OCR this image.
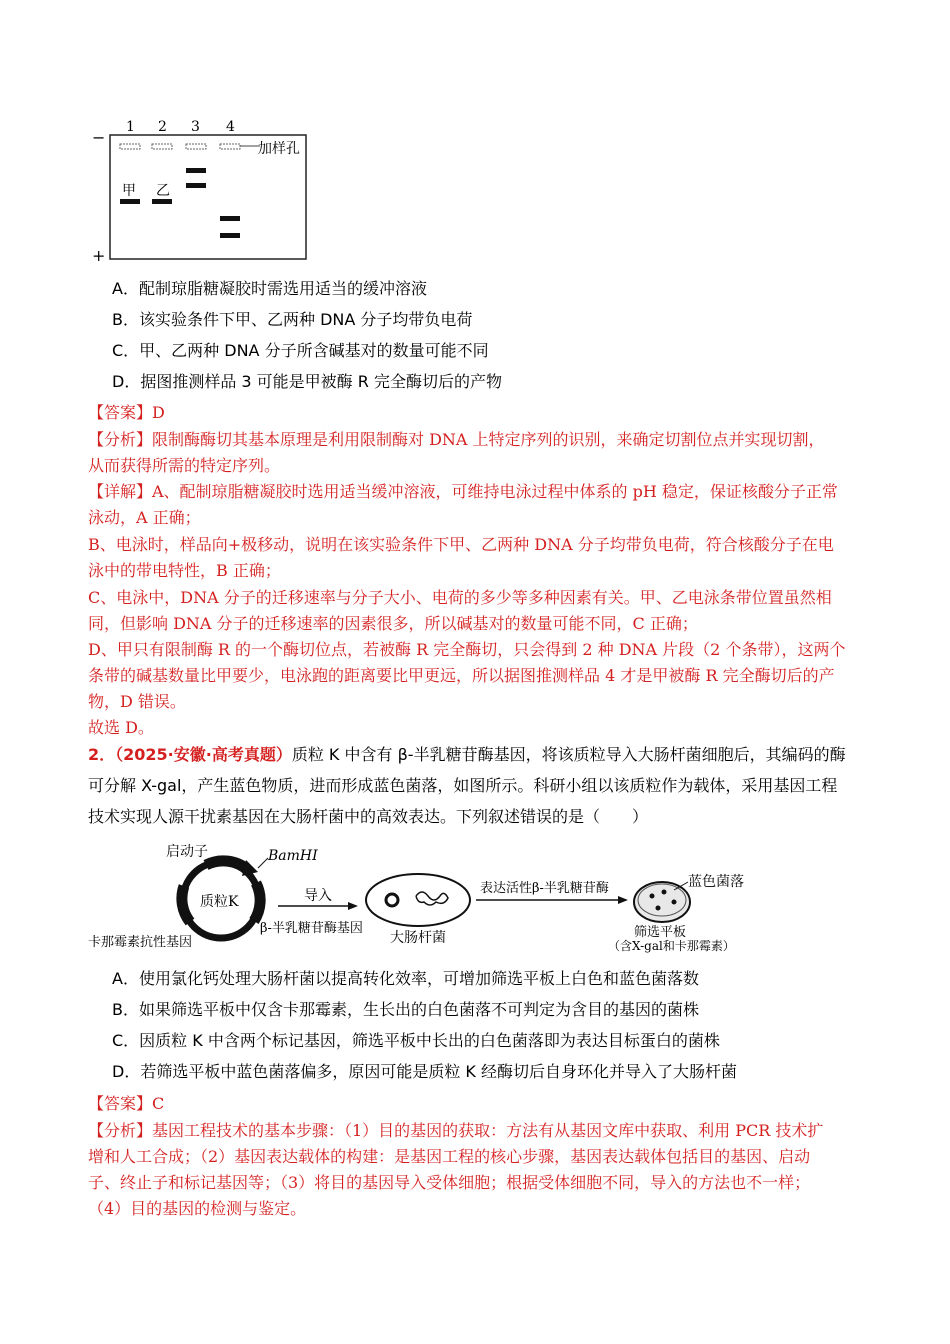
−
+
1 2 3 4
加样孔
甲 乙
A．配制琼脂糖凝胶时需选用适当的缓冲溶液
B．该实验条件下甲、乙两种 DNA 分子均带负电荷
C．甲、乙两种 DNA 分子所含碱基对的数量可能不同
D．据图推测样品 3 可能是甲被酶 R 完全酶切后的产物
【答案】D
【分析】限制酶酶切其基本原理是利用限制酶对 DNA 上特定序列的识别，来确定切割位点并实现切割，
从而获得所需的特定序列。
【详解】A、配制琼脂糖凝胶时选用适当缓冲溶液，可维持电泳过程中体系的 pH 稳定，保证核酸分子正常
泳动，A 正确；
B、电泳时，样品向+极移动，说明在该实验条件下甲、乙两种 DNA 分子均带负电荷，符合核酸分子在电
泳中的带电特性，B 正确；
C、电泳中，DNA 分子的迁移速率与分子大小、电荷的多少等多种因素有关。甲、乙电泳条带位置虽然相
同，但影响 DNA 分子的迁移速率的因素很多，所以碱基对的数量可能不同，C 正确；
D、甲只有限制酶 R 的一个酶切位点，若被酶 R 完全酶切，只会得到 2 种 DNA 片段（2 个条带），这两个
条带的碱基数量比甲要少，电泳跑的距离要比甲更远，所以据图推测样品 4 才是甲被酶 R 完全酶切后的产
物，D 错误。
故选 D。
2．（2025·安徽·高考真题）质粒 K 中含有 β-半乳糖苷酶基因，将该质粒导入大肠杆菌细胞后，其编码的酶
可分解 X-gal，产生蓝色物质，进而形成蓝色菌落，如图所示。科研小组以该质粒作为载体，采用基因工程
技术实现人源干扰素基因在大肠杆菌中的高效表达。下列叙述错误的是（　　）
质粒K
启动子	BamHⅠ
卡那霉素抗性基因
β-半乳糖苷酶基因
导入
大肠杆菌
表达活性β-半乳糖苷酶	蓝色菌落
筛选平板
（含X-gal和卡那霉素）
A．使用氯化钙处理大肠杆菌以提高转化效率，可增加筛选平板上白色和蓝色菌落数
B．如果筛选平板中仅含卡那霉素，生长出的白色菌落不可判定为含目的基因的菌株
C．因质粒 K 中含两个标记基因，筛选平板中长出的白色菌落即为表达目标蛋白的菌株
D．若筛选平板中蓝色菌落偏多，原因可能是质粒 K 经酶切后自身环化并导入了大肠杆菌
【答案】C
【分析】基因工程技术的基本步骤：（1）目的基因的获取：方法有从基因文库中获取、利用 PCR 技术扩
增和人工合成；（2）基因表达载体的构建：是基因工程的核心步骤，基因表达载体包括目的基因、启动
子、终止子和标记基因等；（3）将目的基因导入受体细胞；根据受体细胞不同，导入的方法也不一样；
（4）目的基因的检测与鉴定。
